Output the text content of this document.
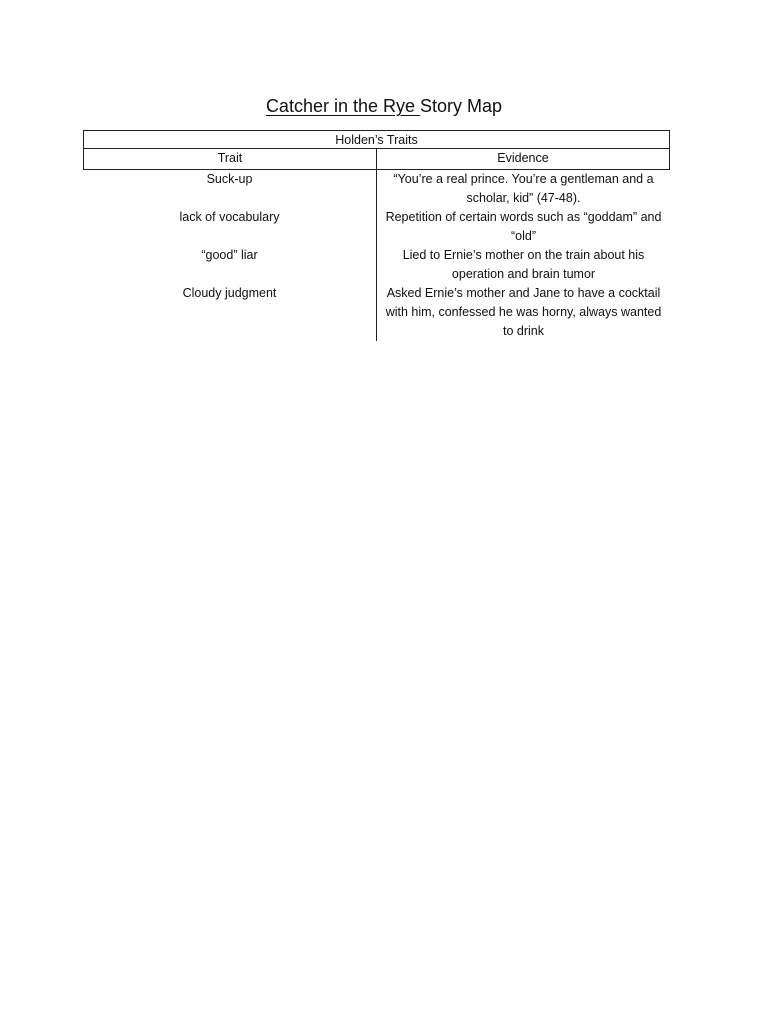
Catcher in the Rye Story Map
Holden’s Traits
Trait	Evidence
Suck-up	“You’re a real prince. You’re a gentleman and a scholar, kid” (47-48).
lack of vocabulary	Repetition of certain words such as “goddam” and “old”
“good” liar	Lied to Ernie’s mother on the train about his operation and brain tumor
Cloudy judgment	Asked Ernie’s mother and Jane to have a cocktail with him, confessed he was horny, always wanted to drink
